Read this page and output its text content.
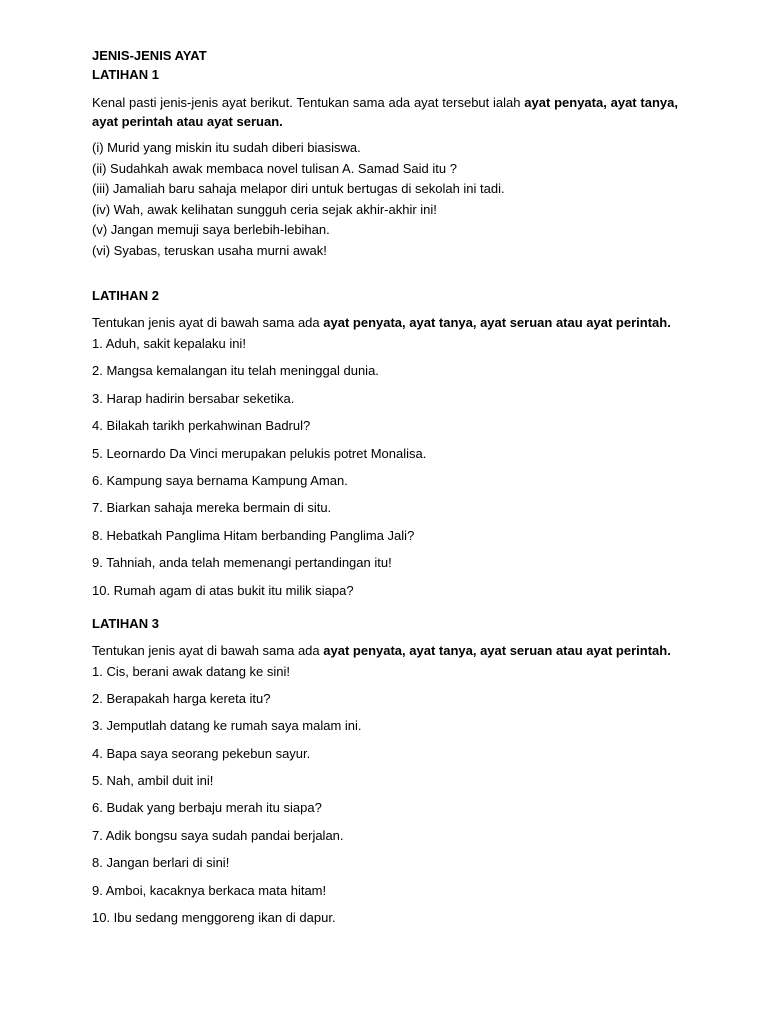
JENIS-JENIS AYAT
LATIHAN 1

Kenal pasti jenis-jenis ayat berikut. Tentukan sama ada ayat tersebut ialah ayat penyata, ayat tanya, ayat perintah atau ayat seruan.

(i) Murid yang miskin itu sudah diberi biasiswa.
(ii) Sudahkah awak membaca novel tulisan A. Samad Said itu ?
(iii) Jamaliah baru sahaja melapor diri untuk bertugas di sekolah ini tadi.
(iv) Wah, awak kelihatan sungguh ceria sejak akhir-akhir ini!
(v) Jangan memuji saya berlebih-lebihan.
(vi) Syabas, teruskan usaha murni awak!
LATIHAN 2

Tentukan jenis ayat di bawah sama ada ayat penyata, ayat tanya, ayat seruan atau ayat perintah.

1. Aduh, sakit kepalaku ini!
2. Mangsa kemalangan itu telah meninggal dunia.
3. Harap hadirin bersabar seketika.
4. Bilakah tarikh perkahwinan Badrul?
5. Leornardo Da Vinci merupakan pelukis potret Monalisa.
6. Kampung saya bernama Kampung Aman.
7. Biarkan sahaja mereka bermain di situ.
8. Hebatkah Panglima Hitam berbanding Panglima Jali?
9. Tahniah, anda telah memenangi pertandingan itu!
10. Rumah agam di atas bukit itu milik siapa?
LATIHAN 3

Tentukan jenis ayat di bawah sama ada ayat penyata, ayat tanya, ayat seruan atau ayat perintah.

1. Cis, berani awak datang ke sini!
2. Berapakah harga kereta itu?
3. Jemputlah datang ke rumah saya malam ini.
4. Bapa saya seorang pekebun sayur.
5. Nah, ambil duit ini!
6. Budak yang berbaju merah itu siapa?
7. Adik bongsu saya sudah pandai berjalan.
8. Jangan berlari di sini!
9. Amboi, kacaknya berkaca mata hitam!
10. Ibu sedang menggoreng ikan di dapur.
